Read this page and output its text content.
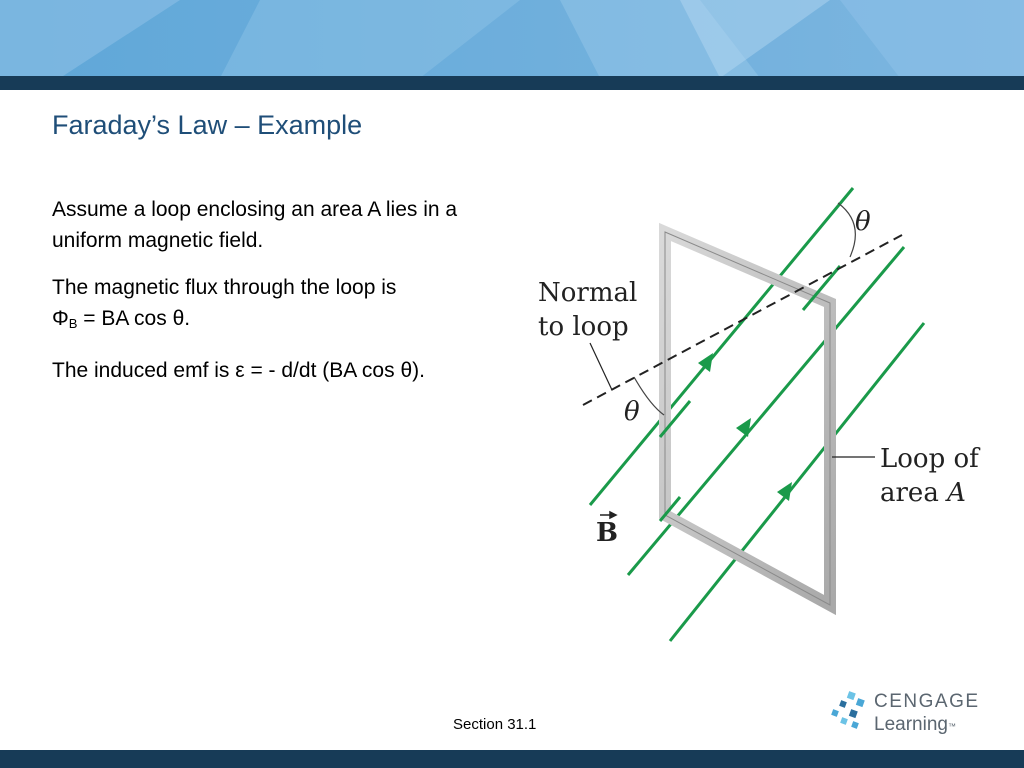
Faraday’s Law – Example

Assume a loop enclosing an area A lies in a uniform magnetic field.

The magnetic flux through the loop is
$\Phi_B$ = BA cos θ.

The induced emf is ε = - d/dt (BA cos θ).

Normal
to loop
θ
θ
Loop of
area A
B
Section 31.1
CENGAGE
Learning™
